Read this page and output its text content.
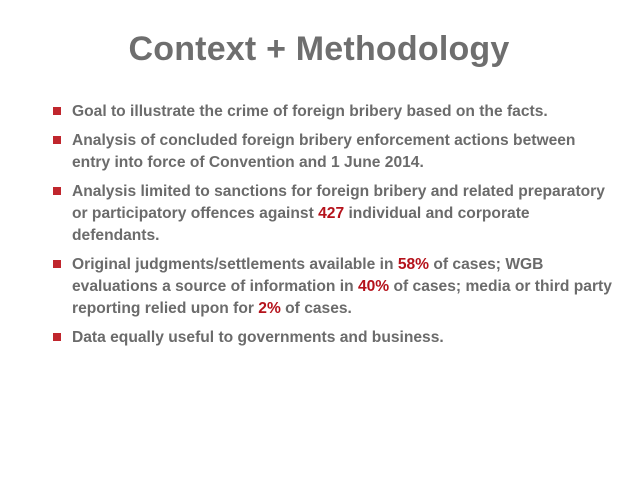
Context + Methodology
Goal to illustrate the crime of foreign bribery based on the facts.
Analysis of concluded foreign bribery enforcement actions between entry into force of Convention and 1 June 2014.
Analysis limited to sanctions for foreign bribery and related preparatory or participatory offences against 427 individual and corporate defendants.
Original judgments/settlements available in 58% of cases; WGB evaluations a source of information in 40% of cases; media or third party reporting relied upon for 2% of cases.
Data equally useful to governments and business.
